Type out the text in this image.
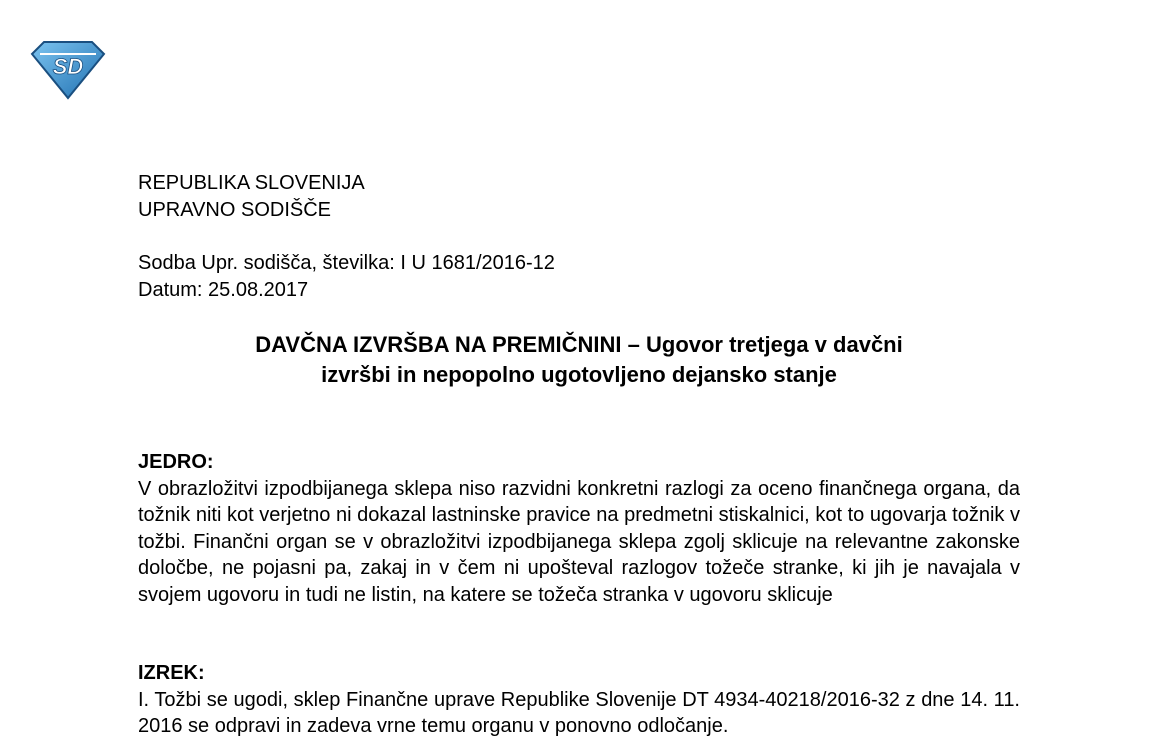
SD
REPUBLIKA SLOVENIJA
UPRAVNO SODIŠČE
Sodba Upr. sodišča, številka: I U 1681/2016-12
Datum: 25.08.2017
DAVČNA IZVRŠBA NA PREMIČNINI – Ugovor tretjega v davčni
izvršbi in nepopolno ugotovljeno dejansko stanje
JEDRO:
V obrazložitvi izpodbijanega sklepa niso razvidni konkretni razlogi za oceno finančnega organa, da tožnik niti kot verjetno ni dokazal lastninske pravice na predmetni stiskalnici, kot to ugovarja tožnik v tožbi. Finančni organ se v obrazložitvi izpodbijanega sklepa zgolj sklicuje na relevantne zakonske določbe, ne pojasni pa, zakaj in v čem ni upošteval razlogov tožeče stranke, ki jih je navajala v svojem ugovoru in tudi ne listin, na katere se tožeča stranka v ugovoru sklicuje
IZREK:
I. Tožbi se ugodi, sklep Finančne uprave Republike Slovenije DT 4934-40218/2016-32 z dne 14. 11. 2016 se odpravi in zadeva vrne temu organu v ponovno odločanje.
